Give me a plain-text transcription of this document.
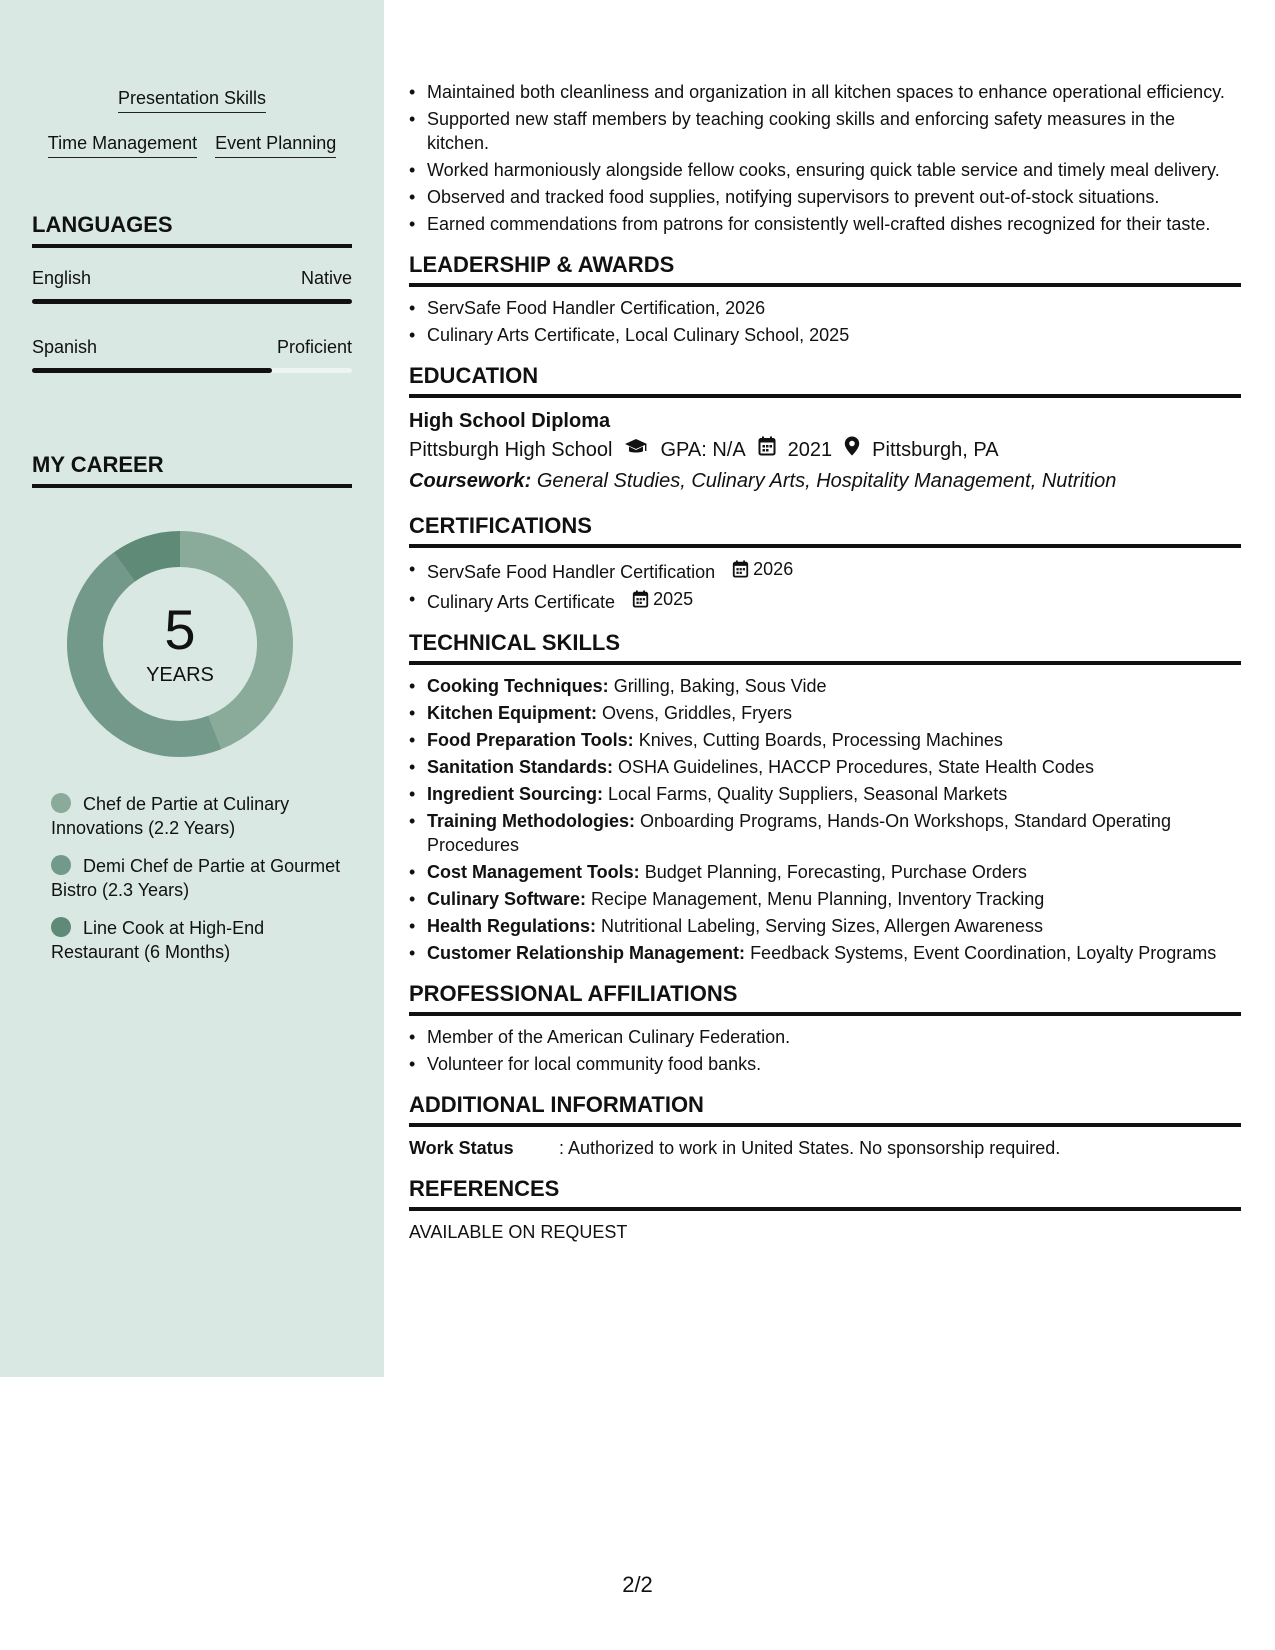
Presentation Skills
Time Management Event Planning
LANGUAGES
English	Native
Spanish	Proficient
MY CAREER
5
YEARS
Chef de Partie at Culinary Innovations (2.2 Years)
Demi Chef de Partie at Gourmet Bistro (2.3 Years)
Line Cook at High-End Restaurant (6 Months)
• Maintained both cleanliness and organization in all kitchen spaces to enhance operational efficiency.
• Supported new staff members by teaching cooking skills and enforcing safety measures in the kitchen.
• Worked harmoniously alongside fellow cooks, ensuring quick table service and timely meal delivery.
• Observed and tracked food supplies, notifying supervisors to prevent out-of-stock situations.
• Earned commendations from patrons for consistently well-crafted dishes recognized for their taste.
LEADERSHIP & AWARDS
• ServSafe Food Handler Certification, 2026
• Culinary Arts Certificate, Local Culinary School, 2025
EDUCATION
High School Diploma
Pittsburgh High School GPA: N/A 2021 Pittsburgh, PA
Coursework: General Studies, Culinary Arts, Hospitality Management, Nutrition
CERTIFICATIONS
• ServSafe Food Handler Certification 2026
• Culinary Arts Certificate 2025
TECHNICAL SKILLS
• Cooking Techniques: Grilling, Baking, Sous Vide
• Kitchen Equipment: Ovens, Griddles, Fryers
• Food Preparation Tools: Knives, Cutting Boards, Processing Machines
• Sanitation Standards: OSHA Guidelines, HACCP Procedures, State Health Codes
• Ingredient Sourcing: Local Farms, Quality Suppliers, Seasonal Markets
• Training Methodologies: Onboarding Programs, Hands-On Workshops, Standard Operating Procedures
• Cost Management Tools: Budget Planning, Forecasting, Purchase Orders
• Culinary Software: Recipe Management, Menu Planning, Inventory Tracking
• Health Regulations: Nutritional Labeling, Serving Sizes, Allergen Awareness
• Customer Relationship Management: Feedback Systems, Event Coordination, Loyalty Programs
PROFESSIONAL AFFILIATIONS
• Member of the American Culinary Federation.
• Volunteer for local community food banks.
ADDITIONAL INFORMATION
Work Status	: Authorized to work in United States. No sponsorship required.
REFERENCES
AVAILABLE ON REQUEST
2/2
